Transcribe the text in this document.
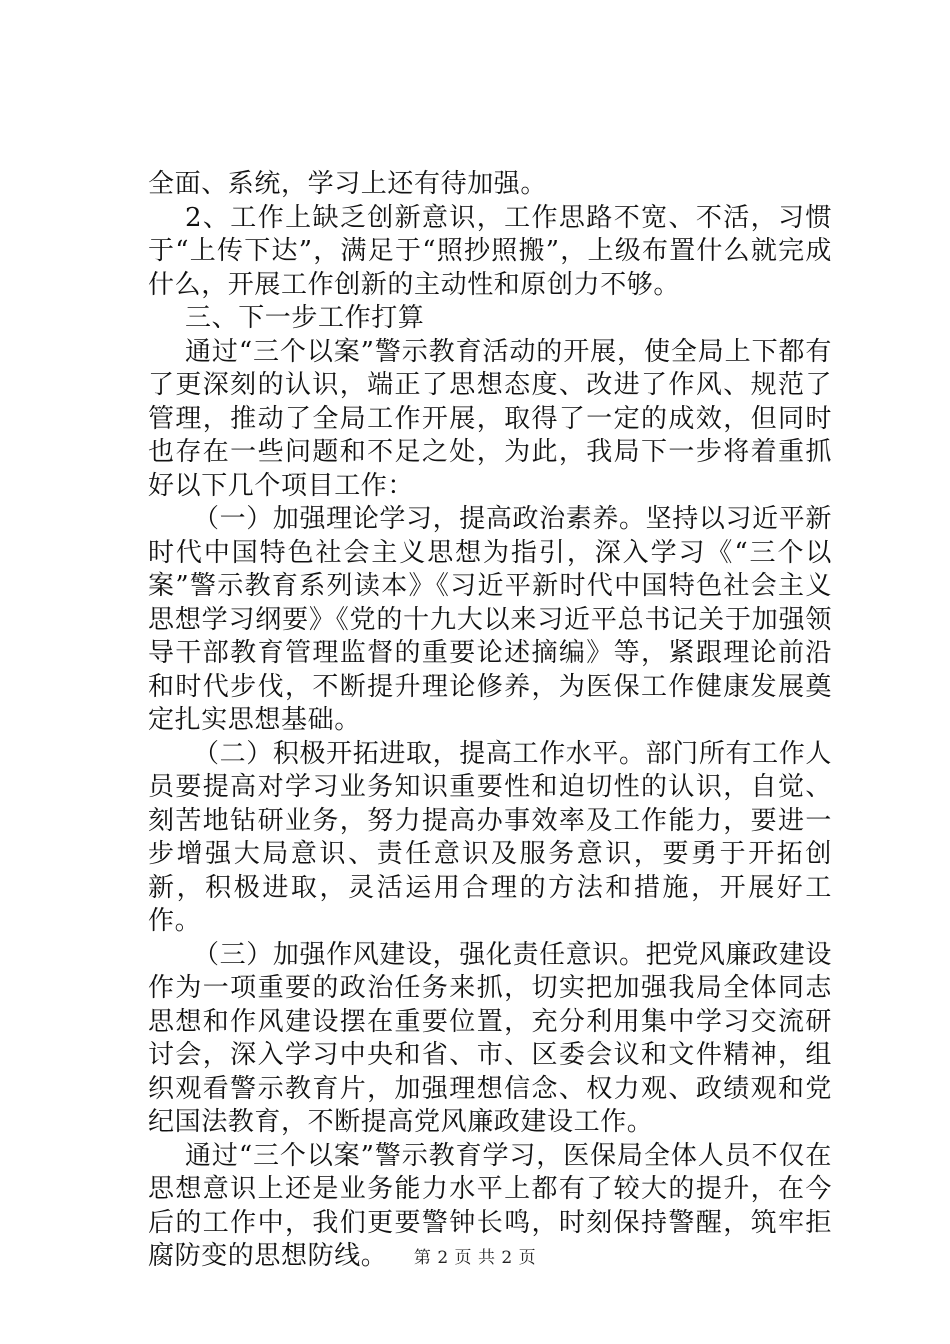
全面、系统，学习上还有待加强。

2、工作上缺乏创新意识，工作思路不宽、不活，习惯于“上传下达”，满足于“照抄照搬”，上级布置什么就完成什么，开展工作创新的主动性和原创力不够。

三、下一步工作打算

通过“三个以案”警示教育活动的开展，使全局上下都有了更深刻的认识，端正了思想态度、改进了作风、规范了管理，推动了全局工作开展，取得了一定的成效，但同时也存在一些问题和不足之处，为此，我局下一步将着重抓好以下几个项目工作：

（一）加强理论学习，提高政治素养。坚持以习近平新时代中国特色社会主义思想为指引，深入学习《“三个以案”警示教育系列读本》《习近平新时代中国特色社会主义思想学习纲要》《党的十九大以来习近平总书记关于加强领导干部教育管理监督的重要论述摘编》等，紧跟理论前沿和时代步伐，不断提升理论修养，为医保工作健康发展奠定扎实思想基础。

（二）积极开拓进取，提高工作水平。部门所有工作人员要提高对学习业务知识重要性和迫切性的认识，自觉、刻苦地钻研业务，努力提高办事效率及工作能力，要进一步增强大局意识、责任意识及服务意识，要勇于开拓创新，积极进取，灵活运用合理的方法和措施，开展好工作。

（三）加强作风建设，强化责任意识。把党风廉政建设作为一项重要的政治任务来抓，切实把加强我局全体同志思想和作风建设摆在重要位置，充分利用集中学习交流研讨会，深入学习中央和省、市、区委会议和文件精神，组织观看警示教育片，加强理想信念、权力观、政绩观和党纪国法教育，不断提高党风廉政建设工作。

通过“三个以案”警示教育学习，医保局全体人员不仅在思想意识上还是业务能力水平上都有了较大的提升，在今后的工作中，我们更要警钟长鸣，时刻保持警醒，筑牢拒腐防变的思想防线。	第 2 页 共 2 页
